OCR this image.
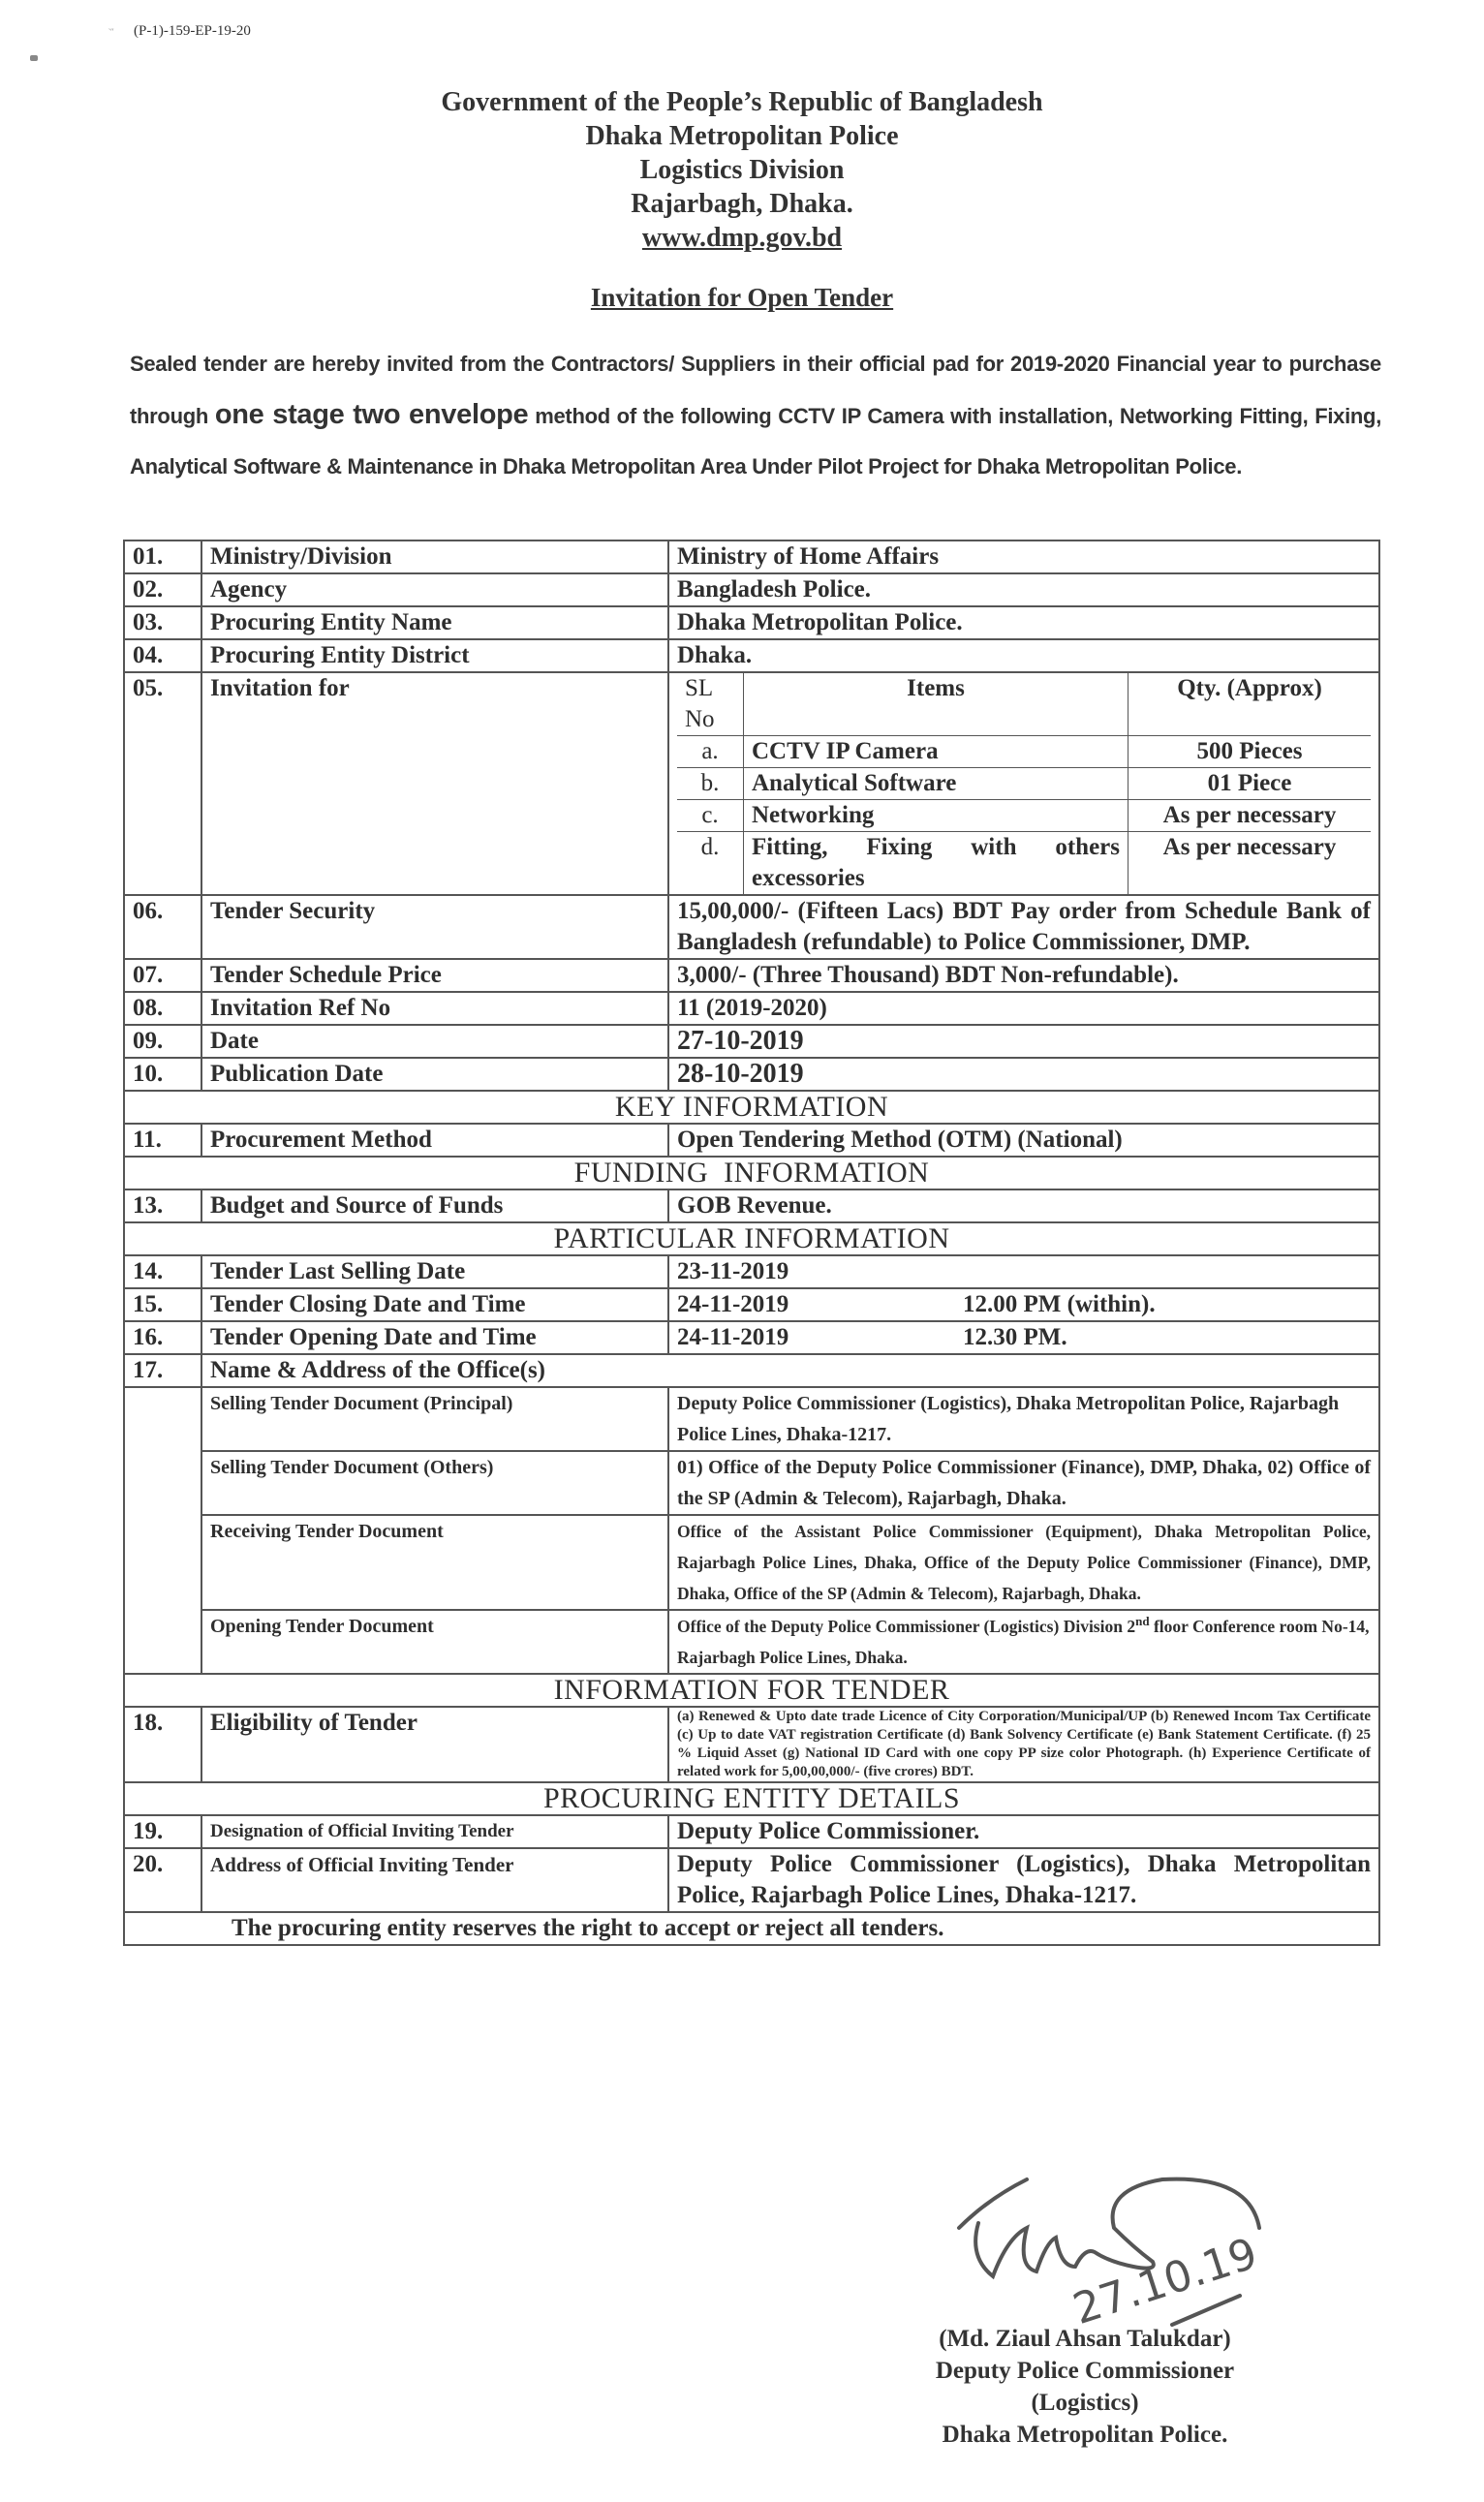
‵″ (P-1)-159-EP-19-20
Government of the People’s Republic of Bangladesh
Dhaka Metropolitan Police
Logistics Division
Rajarbagh, Dhaka.
www.dmp.gov.bd
Invitation for Open Tender
Sealed tender are hereby invited from the Contractors/ Suppliers in their official pad for 2019-2020 Financial year to purchase through one stage two envelope method of the following CCTV IP Camera with installation, Networking Fitting, Fixing, Analytical Software & Maintenance in Dhaka Metropolitan Area Under Pilot Project for Dhaka Metropolitan Police.
01.	Ministry/Division	Ministry of Home Affairs
02.	Agency	Bangladesh Police.
03.	Procuring Entity Name	Dhaka Metropolitan Police.
04.	Procuring Entity District	Dhaka.
05.	Invitation for		SL No	Items	Qty. (Approx)
a.	CCTV IP Camera	500 Pieces
b.	Analytical Software	01 Piece
c.	Networking	As per necessary
d.	Fitting, Fixing with others excessories	As per necessary

06.	Tender Security	15,00,000/- (Fifteen Lacs) BDT Pay order from Schedule Bank of Bangladesh (refundable) to Police Commissioner, DMP.
07.	Tender Schedule Price	3,000/- (Three Thousand) BDT Non-refundable).
08.	Invitation Ref No	11 (2019-2020)
09.	Date	27-10-2019
10.	Publication Date	28-10-2019
KEY INFORMATION
11.	Procurement Method	Open Tendering Method (OTM) (National)
FUNDING  INFORMATION
13.	Budget and Source of Funds	GOB Revenue.
PARTICULAR INFORMATION
14.	Tender Last Selling Date	23-11-2019
15.	Tender Closing Date and Time	24-11-2019	12.00 PM (within).
16.	Tender Opening Date and Time	24-11-2019	12.30 PM.
17.	Name & Address of the Office(s)
	Selling Tender Document (Principal)	Deputy Police Commissioner (Logistics), Dhaka Metropolitan Police, Rajarbagh Police Lines, Dhaka-1217.
Selling Tender Document (Others)	01) Office of the Deputy Police Commissioner (Finance), DMP, Dhaka, 02) Office of the SP (Admin & Telecom), Rajarbagh, Dhaka.
Receiving Tender Document	Office of the Assistant Police Commissioner (Equipment), Dhaka Metropolitan Police, Rajarbagh Police Lines, Dhaka, Office of the Deputy Police Commissioner (Finance), DMP, Dhaka, Office of the SP (Admin & Telecom), Rajarbagh, Dhaka.
Opening Tender Document	Office of the Deputy Police Commissioner (Logistics) Division 2nd floor Conference room No-14, Rajarbagh Police Lines, Dhaka.
INFORMATION FOR TENDER
18.	Eligibility of Tender	(a) Renewed & Upto date trade Licence of City Corporation/Municipal/UP (b) Renewed Incom Tax Certificate (c) Up to date VAT registration Certificate (d) Bank Solvency Certificate (e) Bank Statement Certificate. (f) 25 % Liquid Asset (g) National ID Card with one copy PP size color Photograph. (h) Experience Certificate of related work for 5,00,00,000/- (five crores) BDT.
PROCURING ENTITY DETAILS
19.	Designation of Official Inviting Tender	Deputy Police Commissioner.
20.	Address of Official Inviting Tender	Deputy Police Commissioner (Logistics), Dhaka Metropolitan Police, Rajarbagh Police Lines, Dhaka-1217.
The procuring entity reserves the right to accept or reject all tenders.
27.10.19
(Md. Ziaul Ahsan Talukdar)
Deputy Police Commissioner
(Logistics)
Dhaka Metropolitan Police.
